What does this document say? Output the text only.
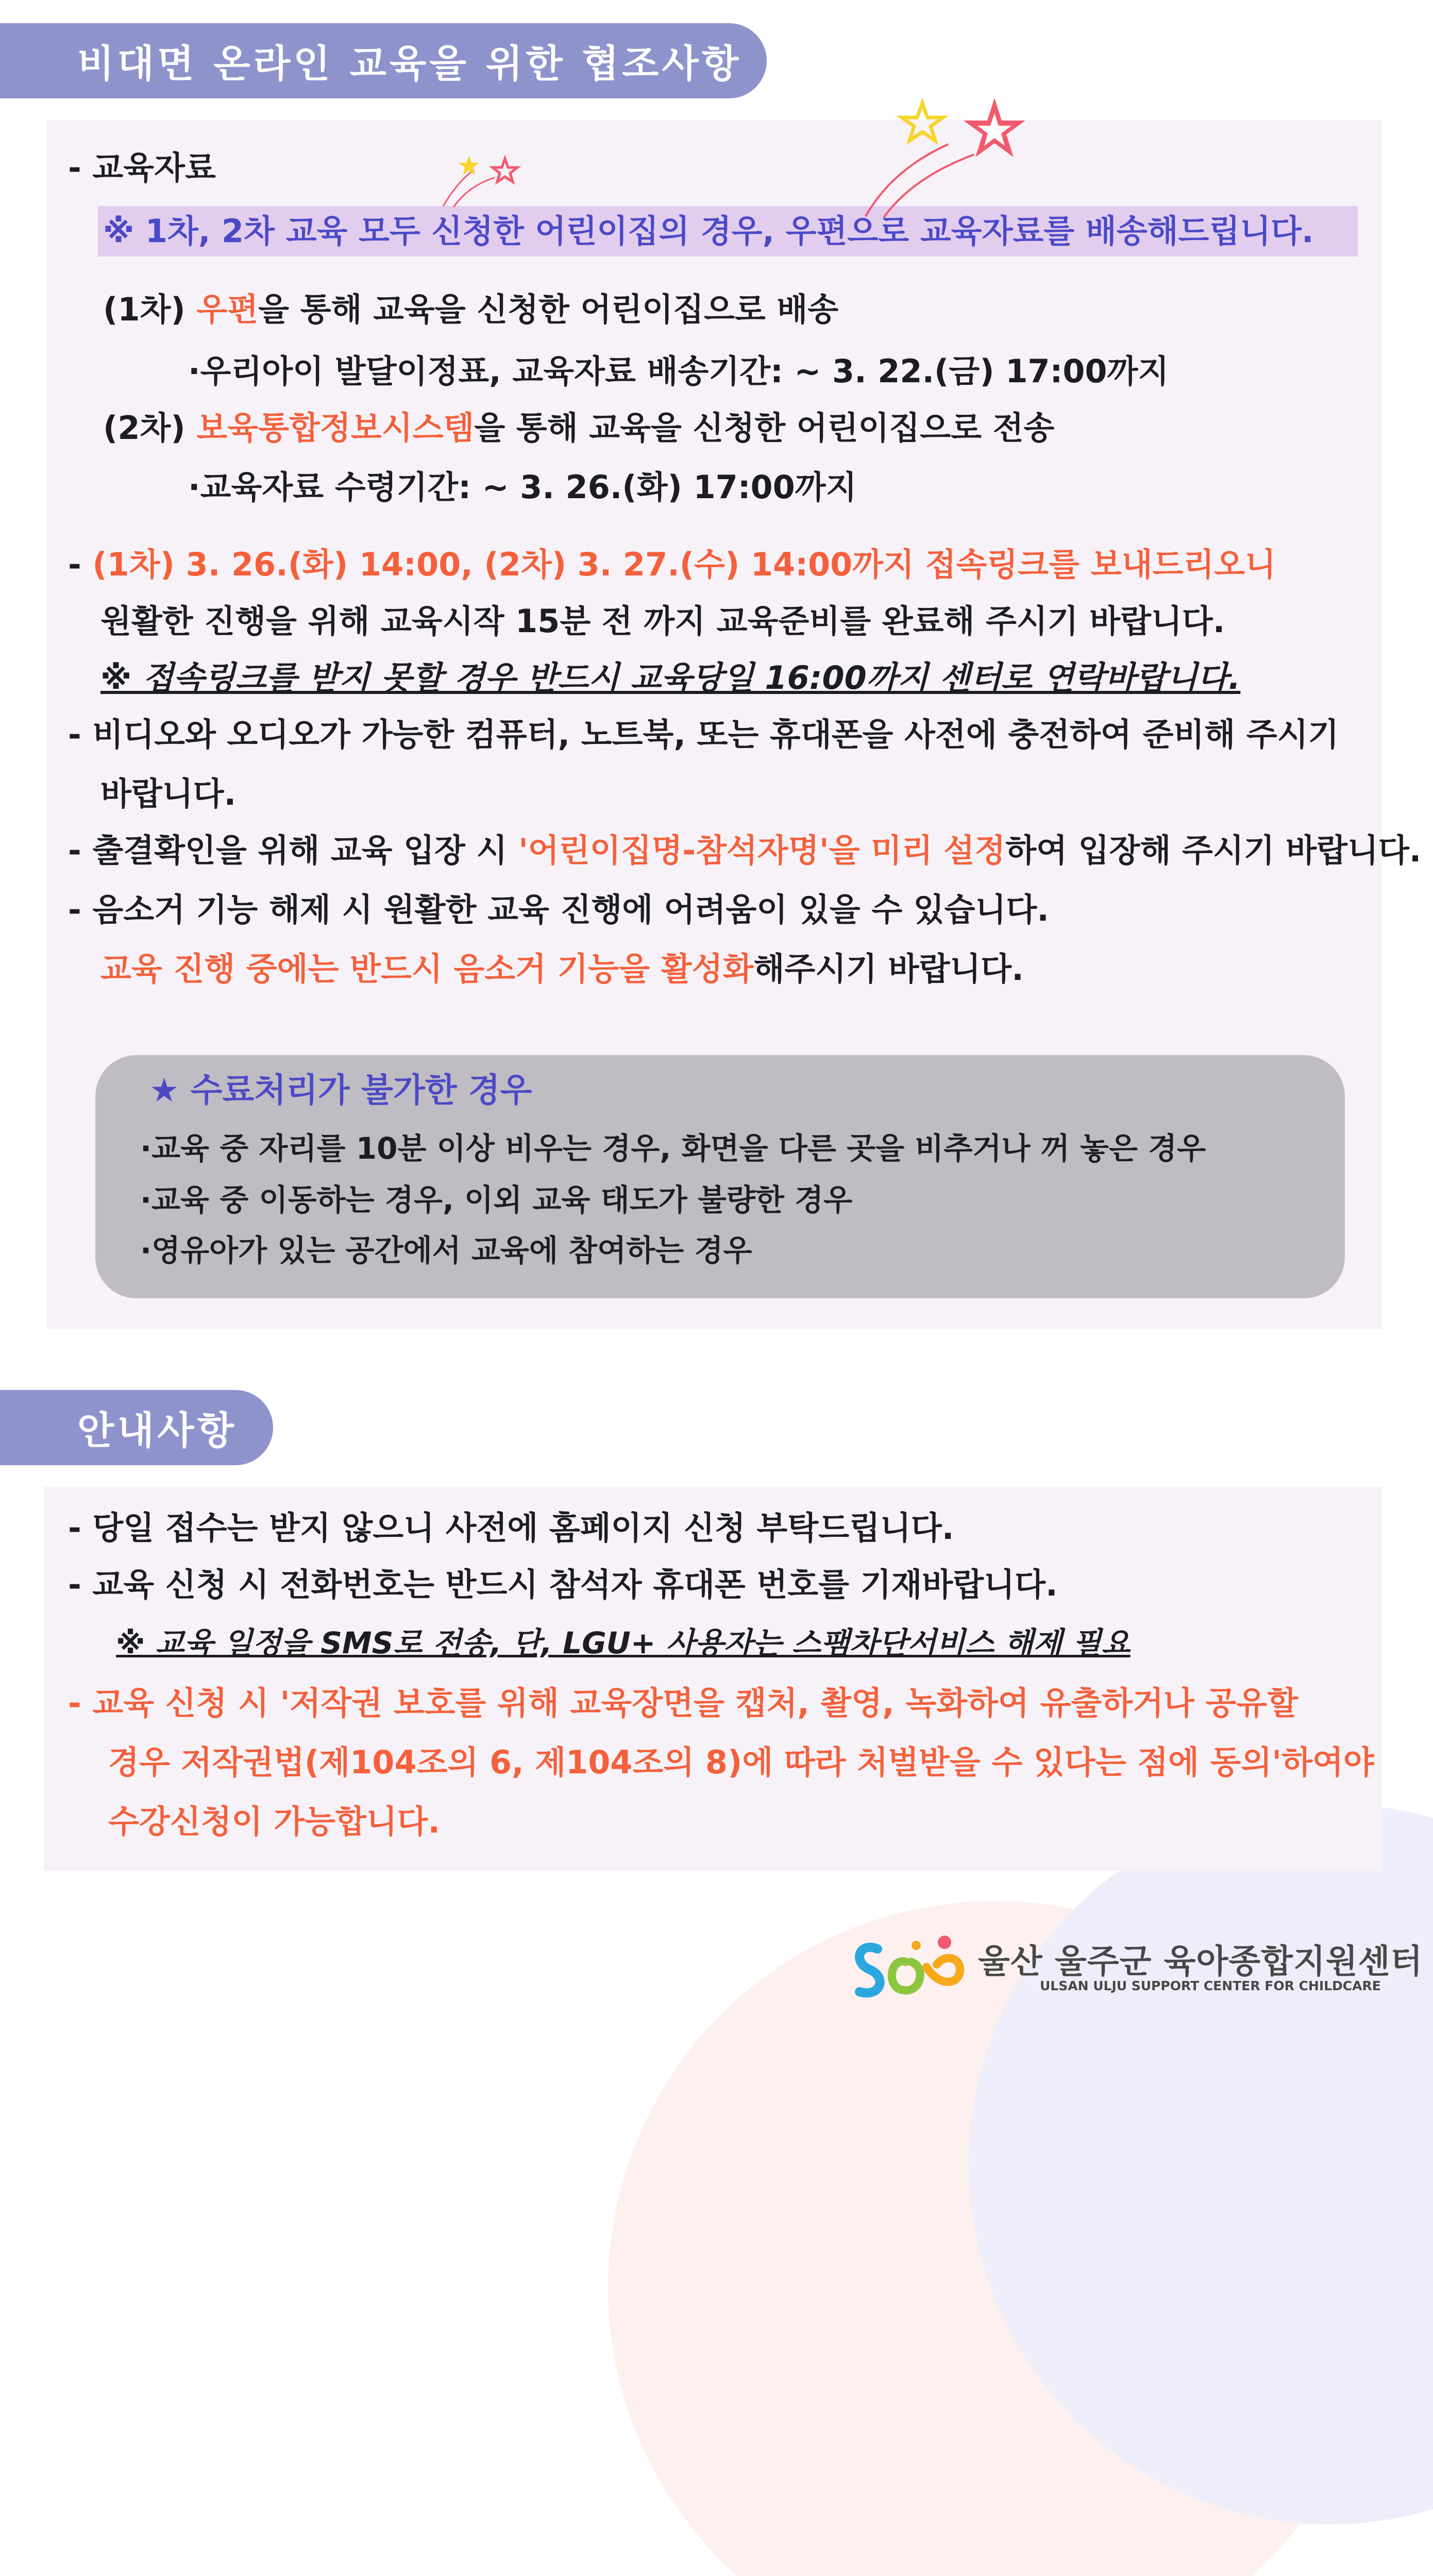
비대면 온라인 교육을 위한 협조사항
- 교육자료
※ 1차, 2차 교육 모두 신청한 어린이집의 경우, 우편으로 교육자료를 배송해드립니다.
(1차) 우편을 통해 교육을 신청한 어린이집으로 배송
·우리아이 발달이정표, 교육자료 배송기간: ~ 3. 22.(금) 17:00까지
(2차) 보육통합정보시스템을 통해 교육을 신청한 어린이집으로 전송
·교육자료 수령기간: ~ 3. 26.(화) 17:00까지
- (1차) 3. 26.(화) 14:00, (2차) 3. 27.(수) 14:00까지 접속링크를 보내드리오니
원활한 진행을 위해 교육시작 15분 전 까지 교육준비를 완료해 주시기 바랍니다.
※ 접속링크를 받지 못할 경우 반드시 교육당일 16:00까지 센터로 연락바랍니다.
- 비디오와 오디오가 가능한 컴퓨터, 노트북, 또는 휴대폰을 사전에 충전하여 준비해 주시기
바랍니다.
- 출결확인을 위해 교육 입장 시 '어린이집명-참석자명'을 미리 설정하여 입장해 주시기 바랍니다.
- 음소거 기능 해제 시 원활한 교육 진행에 어려움이 있을 수 있습니다.
교육 진행 중에는 반드시 음소거 기능을 활성화해주시기 바랍니다.
★ 수료처리가 불가한 경우
·교육 중 자리를 10분 이상 비우는 경우, 화면을 다른 곳을 비추거나 꺼 놓은 경우
·교육 중 이동하는 경우, 이외 교육 태도가 불량한 경우
·영유아가 있는 공간에서 교육에 참여하는 경우
안내사항
- 당일 접수는 받지 않으니 사전에 홈페이지 신청 부탁드립니다.
- 교육 신청 시 전화번호는 반드시 참석자 휴대폰 번호를 기재바랍니다.
※ 교육 일정을 SMS로 전송, 단, LGU+ 사용자는 스팸차단서비스 해제 필요
- 교육 신청 시 '저작권 보호를 위해 교육장면을 캡처, 촬영, 녹화하여 유출하거나 공유할
경우 저작권법(제104조의 6, 제104조의 8)에 따라 처벌받을 수 있다는 점에 동의'하여야
수강신청이 가능합니다.
울산 울주군 육아종합지원센터
ULSAN ULJU SUPPORT CENTER FOR CHILDCARE
